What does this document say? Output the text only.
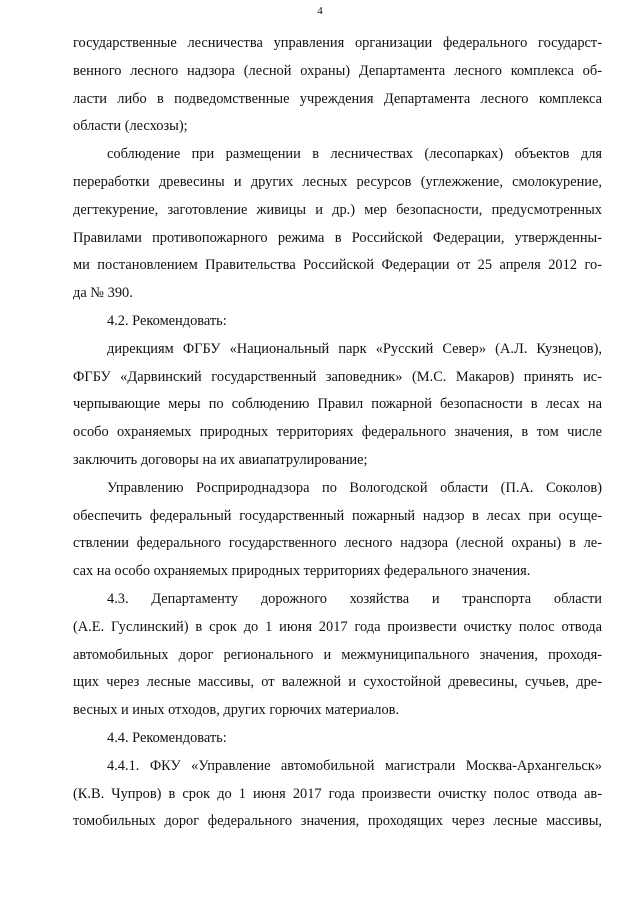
4
государственные лесничества управления организации федерального государст-
венного лесного надзора (лесной охраны) Департамента лесного комплекса об-
ласти либо в подведомственные учреждения Департамента лесного комплекса
области (лесхозы);
соблюдение при размещении в лесничествах (лесопарках) объектов для
переработки древесины и других лесных ресурсов (углежжение, смолокурение,
дегтекурение, заготовление живицы и др.) мер безопасности, предусмотренных
Правилами противопожарного режима в Российской Федерации, утвержденны-
ми постановлением Правительства Российской Федерации от 25 апреля 2012 го-
да № 390.
4.2. Рекомендовать:
дирекциям ФГБУ «Национальный парк «Русский Север» (А.Л. Кузнецов),
ФГБУ «Дарвинский государственный заповедник» (М.С. Макаров) принять ис-
черпывающие меры по соблюдению Правил пожарной безопасности в лесах на
особо охраняемых природных территориях федерального значения, в том числе
заключить договоры на их авиапатрулирование;
Управлению Росприроднадзора по Вологодской области (П.А. Соколов)
обеспечить федеральный государственный пожарный надзор в лесах при осуще-
ствлении федерального государственного лесного надзора (лесной охраны) в ле-
сах на особо охраняемых природных территориях федерального значения.
4.3. Департаменту дорожного хозяйства и транспорта области
(А.Е. Гуслинский) в срок до 1 июня 2017 года произвести очистку полос отвода
автомобильных дорог регионального и межмуниципального значения, проходя-
щих через лесные массивы, от валежной и сухостойной древесины, сучьев, дре-
весных и иных отходов, других горючих материалов.
4.4. Рекомендовать:
4.4.1. ФКУ «Управление автомобильной магистрали Москва-Архангельск»
(К.В. Чупров) в срок до 1 июня 2017 года произвести очистку полос отвода ав-
томобильных дорог федерального значения, проходящих через лесные массивы,
